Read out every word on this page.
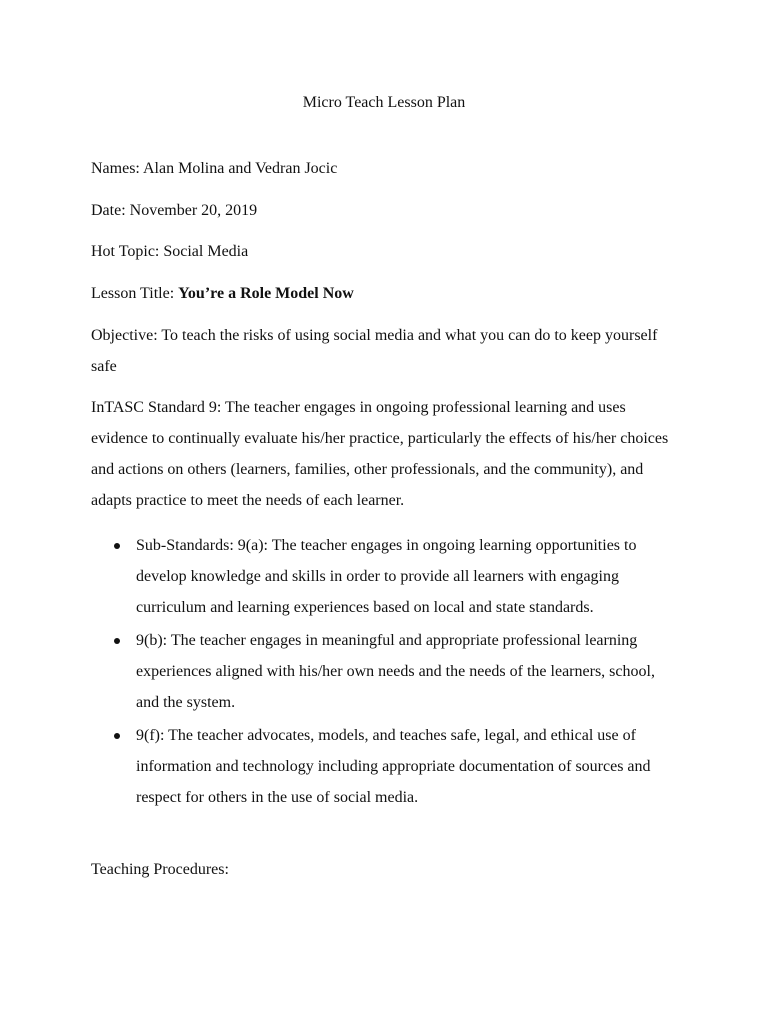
Micro Teach Lesson Plan
Names: Alan Molina and Vedran Jocic
Date: November 20, 2019
Hot Topic: Social Media
Lesson Title: You’re a Role Model Now
Objective: To teach the risks of using social media and what you can do to keep yourself safe
InTASC Standard 9: The teacher engages in ongoing professional learning and uses evidence to continually evaluate his/her practice, particularly the effects of his/her choices and actions on others (learners, families, other professionals, and the community), and adapts practice to meet the needs of each learner.
Sub-Standards: 9(a): The teacher engages in ongoing learning opportunities to develop knowledge and skills in order to provide all learners with engaging curriculum and learning experiences based on local and state standards.
9(b): The teacher engages in meaningful and appropriate professional learning experiences aligned with his/her own needs and the needs of the learners, school, and the system.
9(f): The teacher advocates, models, and teaches safe, legal, and ethical use of information and technology including appropriate documentation of sources and respect for others in the use of social media.
Teaching Procedures:
